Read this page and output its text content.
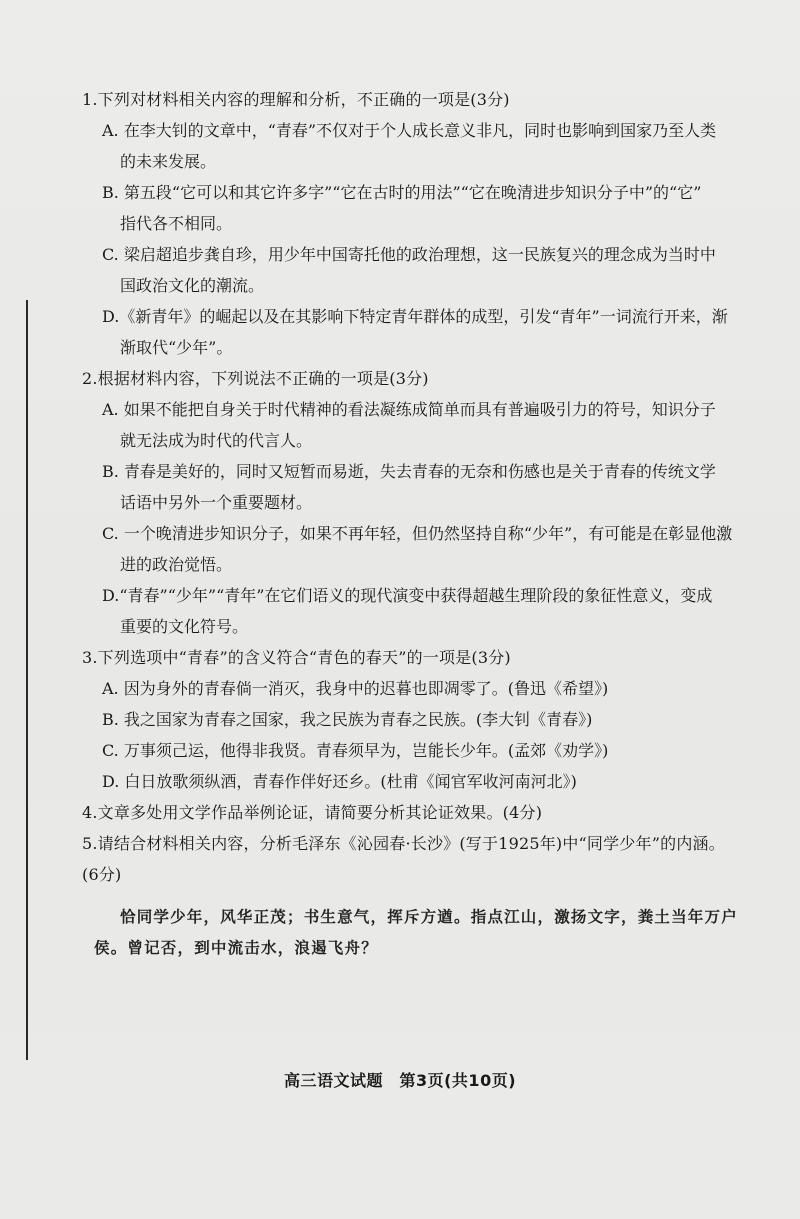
1.下列对材料相关内容的理解和分析，不正确的一项是(3分)
A. 在李大钊的文章中，“青春”不仅对于个人成长意义非凡，同时也影响到国家乃至人类
的未来发展。
B. 第五段“它可以和其它许多字”“它在古时的用法”“它在晚清进步知识分子中”的“它”
指代各不相同。
C. 梁启超追步龚自珍，用少年中国寄托他的政治理想，这一民族复兴的理念成为当时中
国政治文化的潮流。
D.《新青年》的崛起以及在其影响下特定青年群体的成型，引发“青年”一词流行开来，渐
渐取代“少年”。
2.根据材料内容，下列说法不正确的一项是(3分)
A. 如果不能把自身关于时代精神的看法凝练成简单而具有普遍吸引力的符号，知识分子
就无法成为时代的代言人。
B. 青春是美好的，同时又短暂而易逝，失去青春的无奈和伤感也是关于青春的传统文学
话语中另外一个重要题材。
C. 一个晚清进步知识分子，如果不再年轻，但仍然坚持自称“少年”，有可能是在彰显他激
进的政治觉悟。
D.“青春”“少年”“青年”在它们语义的现代演变中获得超越生理阶段的象征性意义，变成
重要的文化符号。
3.下列选项中“青春”的含义符合“青色的春天”的一项是(3分)
A. 因为身外的青春倘一消灭，我身中的迟暮也即凋零了。(鲁迅《希望》)
B. 我之国家为青春之国家，我之民族为青春之民族。(李大钊《青春》)
C. 万事须己运，他得非我贤。青春须早为，岂能长少年。(孟郊《劝学》)
D. 白日放歌须纵酒，青春作伴好还乡。(杜甫《闻官军收河南河北》)
4.文章多处用文学作品举例论证，请简要分析其论证效果。(4分)
5.请结合材料相关内容，分析毛泽东《沁园春·长沙》(写于1925年)中“同学少年”的内涵。
(6分)
恰同学少年，风华正茂；书生意气，挥斥方遒。指点江山，激扬文字，粪土当年万户
侯。曾记否，到中流击水，浪遏飞舟？
高三语文试题　第3页(共10页)
